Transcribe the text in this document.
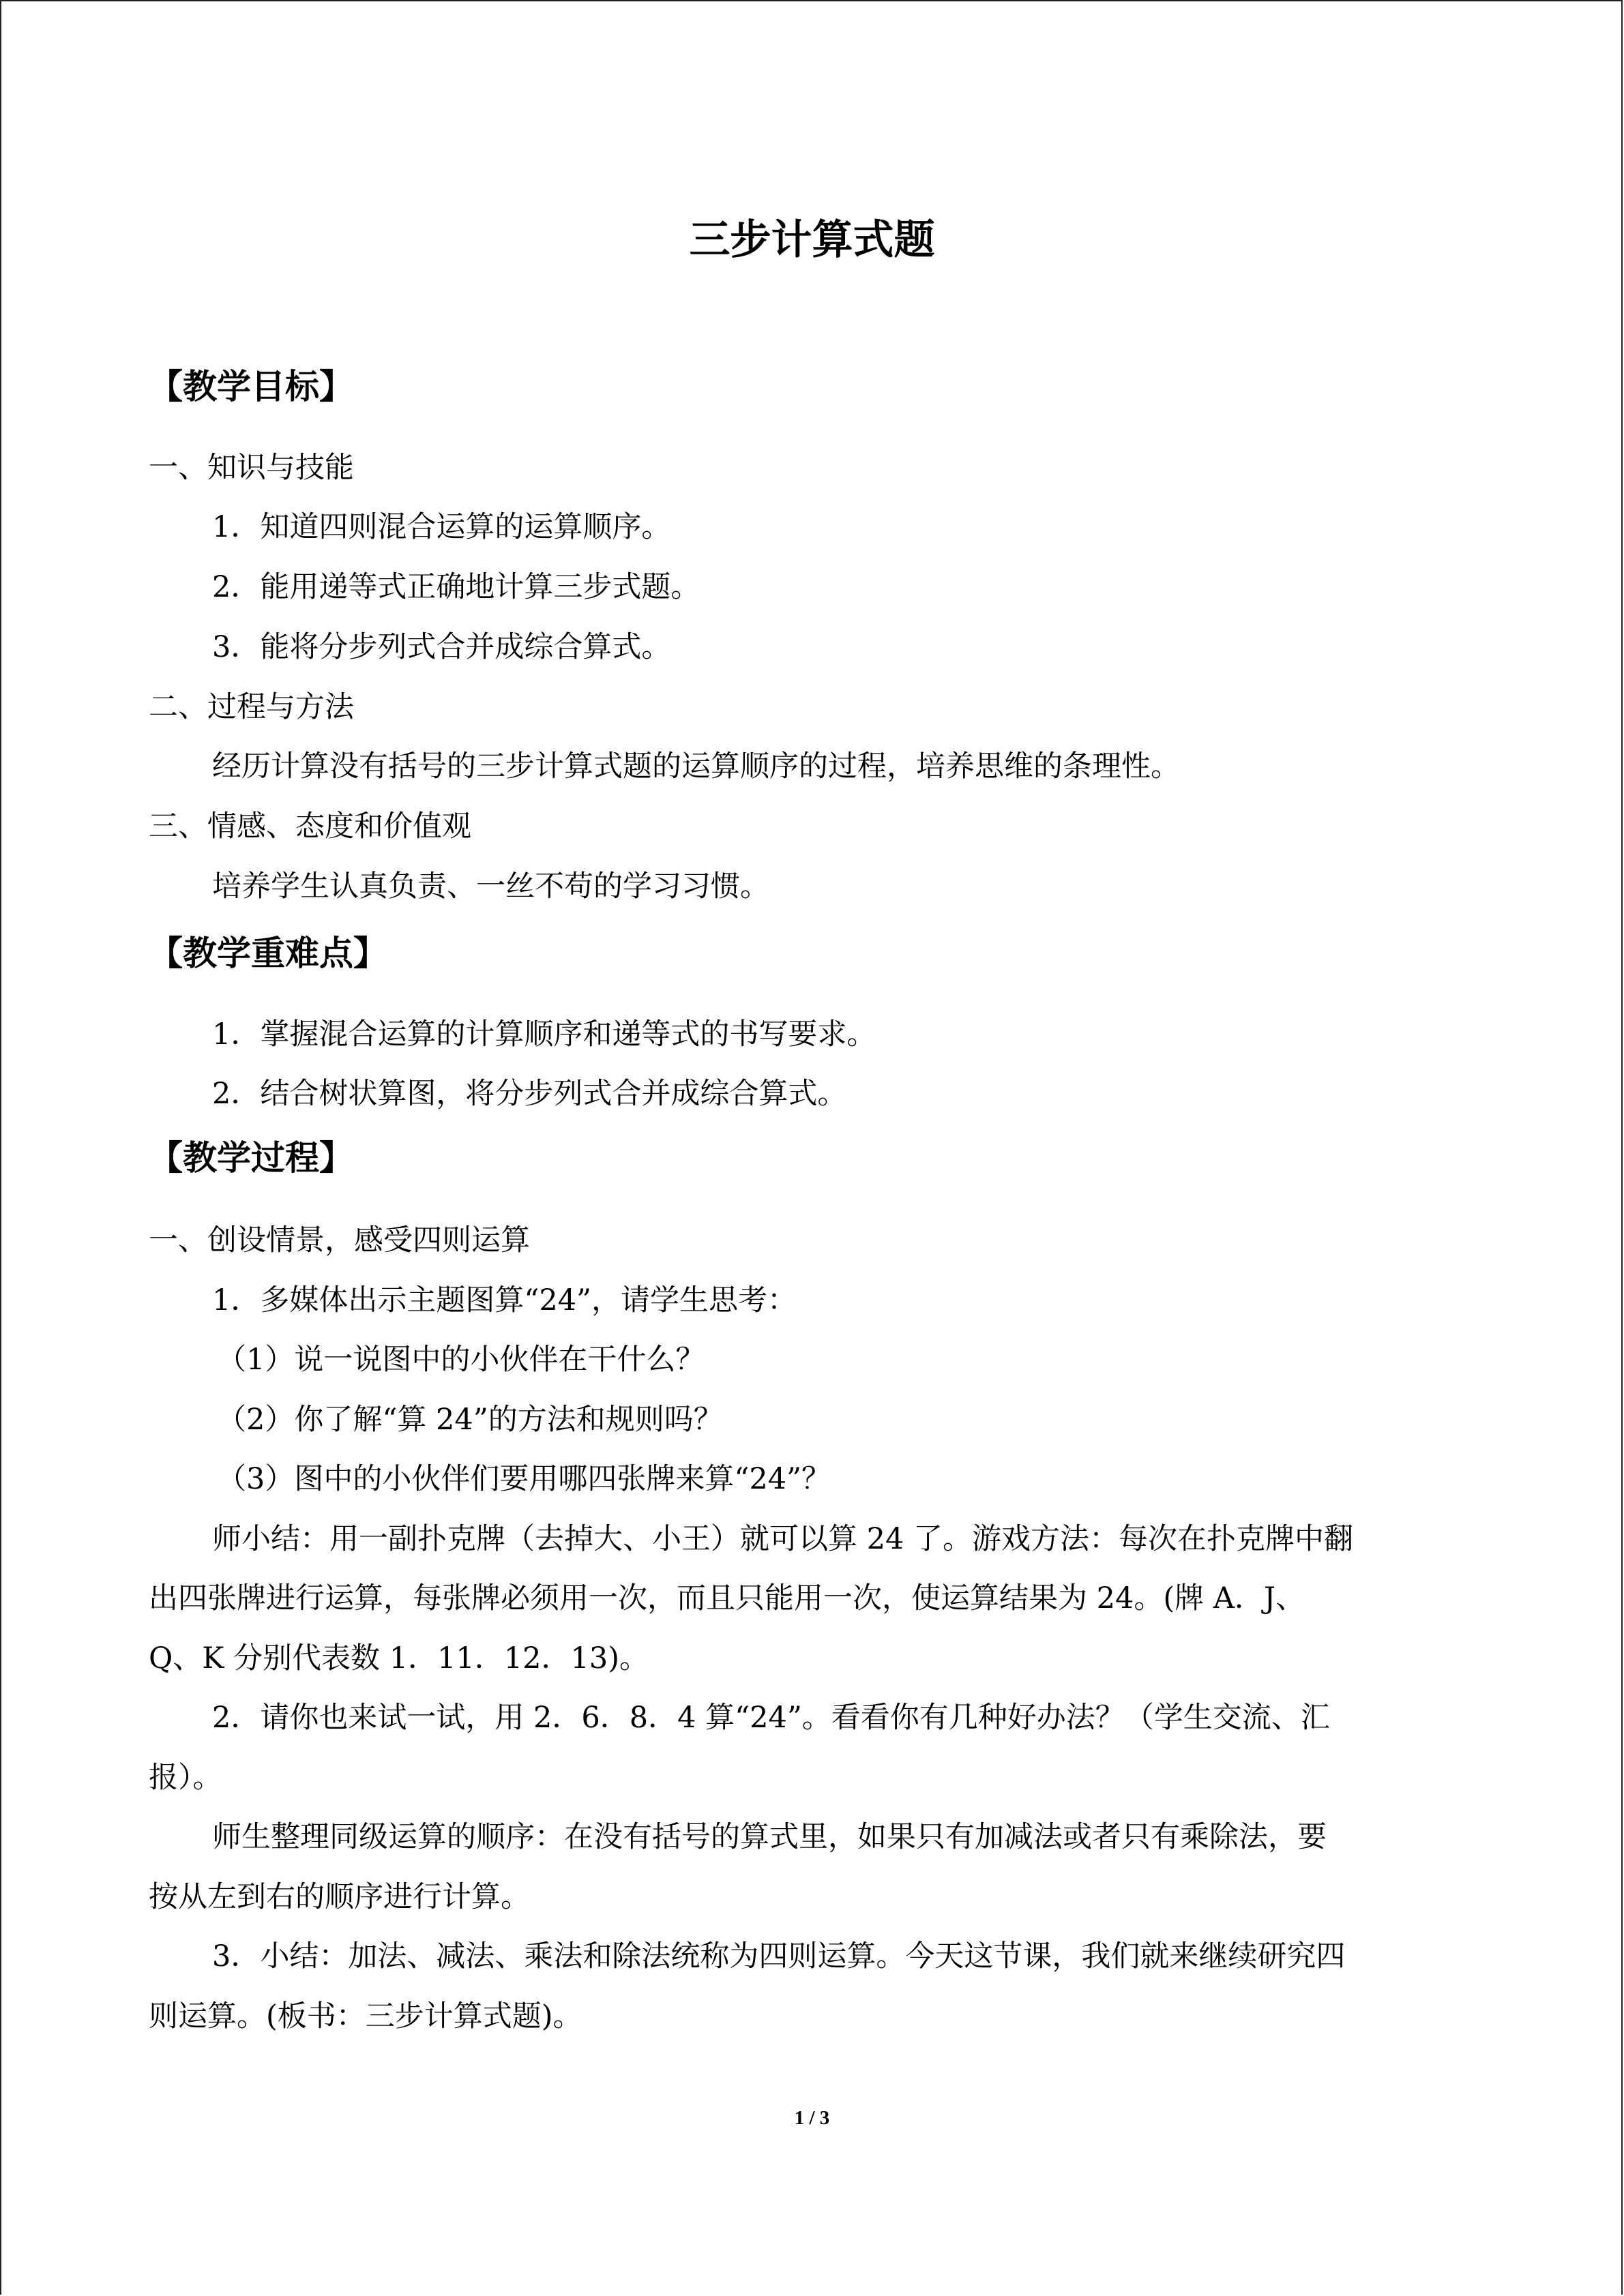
三步计算式题
【教学目标】
一、知识与技能
1．知道四则混合运算的运算顺序。
2．能用递等式正确地计算三步式题。
3．能将分步列式合并成综合算式。
二、过程与方法
经历计算没有括号的三步计算式题的运算顺序的过程，培养思维的条理性。
三、情感、态度和价值观
培养学生认真负责、一丝不苟的学习习惯。
【教学重难点】
1．掌握混合运算的计算顺序和递等式的书写要求。
2．结合树状算图，将分步列式合并成综合算式。
【教学过程】
一、创设情景，感受四则运算
1．多媒体出示主题图算“24”，请学生思考：
（1）说一说图中的小伙伴在干什么？
（2）你了解“算 24”的方法和规则吗？
（3）图中的小伙伴们要用哪四张牌来算“24”？
师小结：用一副扑克牌（去掉大、小王）就可以算 24 了。游戏方法：每次在扑克牌中翻
出四张牌进行运算，每张牌必须用一次，而且只能用一次，使运算结果为 24。(牌 A．J、
Q、K 分别代表数 1．11．12．13)。
2．请你也来试一试，用 2．6．8．4 算“24”。看看你有几种好办法？（学生交流、汇
报）。
师生整理同级运算的顺序：在没有括号的算式里，如果只有加减法或者只有乘除法，要
按从左到右的顺序进行计算。
3．小结：加法、减法、乘法和除法统称为四则运算。今天这节课，我们就来继续研究四
则运算。(板书：三步计算式题)。
1 / 3
